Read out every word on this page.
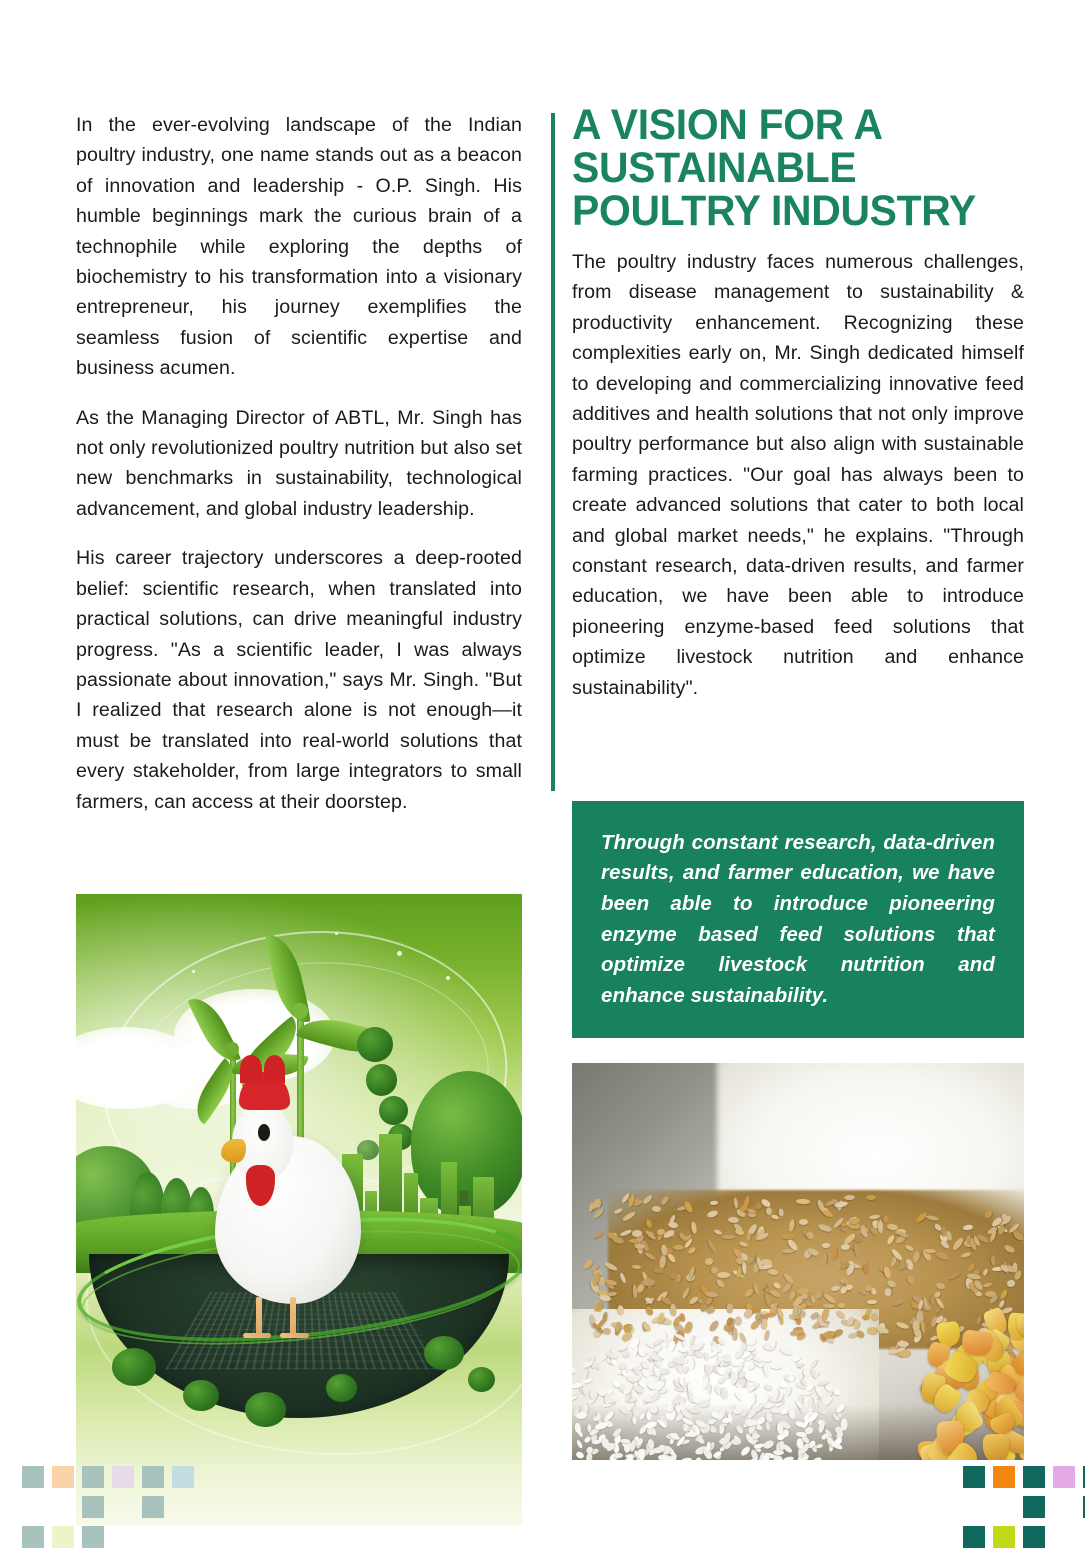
In the ever-evolving landscape of the Indian poultry industry, one name stands out as a beacon of innovation and leadership - O.P. Singh. His humble beginnings mark the curious brain of a technophile while exploring the depths of biochemistry to his transformation into a visionary entrepreneur, his journey exemplifies the seamless fusion of scientific expertise and business acumen.

As the Managing Director of ABTL, Mr. Singh has not only revolutionized poultry nutrition but also set new benchmarks in sustainability, technological advancement, and global industry leadership.

His career trajectory underscores a deep-rooted belief: scientific research, when translated into practical solutions, can drive meaningful industry progress. "As a scientific leader, I was always passionate about innovation," says Mr. Singh. "But I realized that research alone is not enough—it must be translated into real-world solutions that every stakeholder, from large integrators to small farmers, can access at their doorstep.

A VISION FOR A SUSTAINABLE POULTRY INDUSTRY

The poultry industry faces numerous challenges, from disease management to sustainability & productivity enhancement. Recognizing these complexities early on, Mr. Singh dedicated himself to developing and commercializing innovative feed additives and health solutions that not only improve poultry performance but also align with sustainable farming practices. "Our goal has always been to create advanced solutions that cater to both local and global market needs," he explains. "Through constant research, data-driven results, and farmer education, we have been able to introduce pioneering enzyme-based feed solutions that optimize livestock nutrition and enhance sustainability".

Through constant research, data-driven results, and farmer education, we have been able to introduce pioneering enzyme based feed solutions that optimize livestock nutrition and enhance sustainability.
